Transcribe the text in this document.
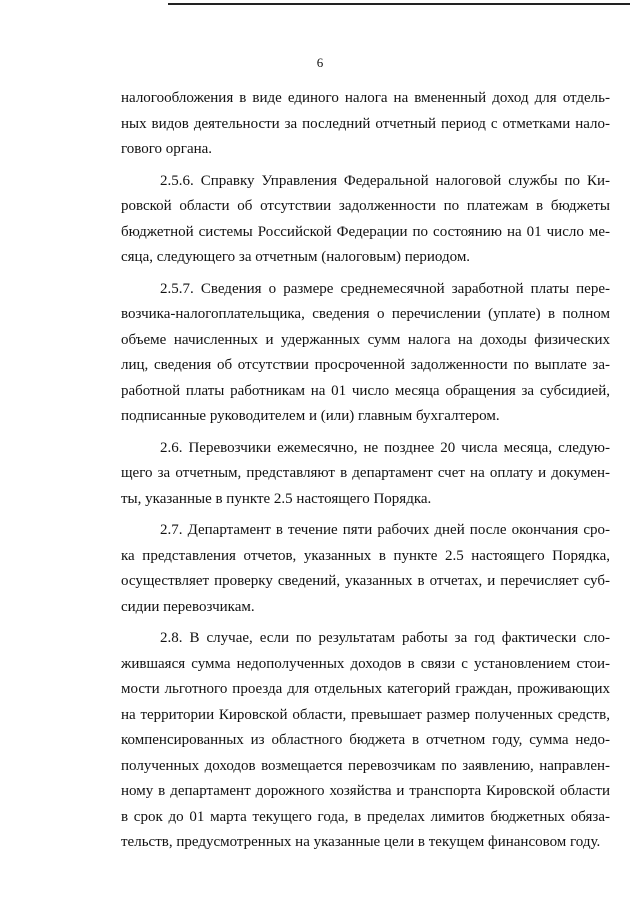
6

налогообложения в виде единого налога на вмененный доход для отдель-
ных видов деятельности за последний отчетный период с отметками нало-
гового органа.

2.5.6. Справку Управления Федеральной налоговой службы по Ки-
ровской области об отсутствии задолженности по платежам в бюджеты
бюджетной системы Российской Федерации по состоянию на 01 число ме-
сяца, следующего за отчетным (налоговым) периодом.

2.5.7. Сведения о размере среднемесячной заработной платы пере-
возчика-налогоплательщика, сведения о перечислении (уплате) в полном
объеме начисленных и удержанных сумм налога на доходы физических
лиц, сведения об отсутствии просроченной задолженности по выплате за-
работной платы работникам на 01 число месяца обращения за субсидией,
подписанные руководителем и (или) главным бухгалтером.

2.6. Перевозчики ежемесячно, не позднее 20 числа месяца, следую-
щего за отчетным, представляют в департамент счет на оплату и докумен-
ты, указанные в пункте 2.5 настоящего Порядка.

2.7. Департамент в течение пяти рабочих дней после окончания сро-
ка представления отчетов, указанных в пункте 2.5 настоящего Порядка,
осуществляет проверку сведений, указанных в отчетах, и перечисляет суб-
сидии перевозчикам.

2.8. В случае, если по результатам работы за год фактически сло-
жившаяся сумма недополученных доходов в связи с установлением стои-
мости льготного проезда для отдельных категорий граждан, проживающих
на территории Кировской области, превышает размер полученных средств,
компенсированных из областного бюджета в отчетном году, сумма недо-
полученных доходов возмещается перевозчикам по заявлению, направлен-
ному в департамент дорожного хозяйства и транспорта Кировской области
в срок до 01 марта текущего года, в пределах лимитов бюджетных обяза-
тельств, предусмотренных на указанные цели в текущем финансовом году.
